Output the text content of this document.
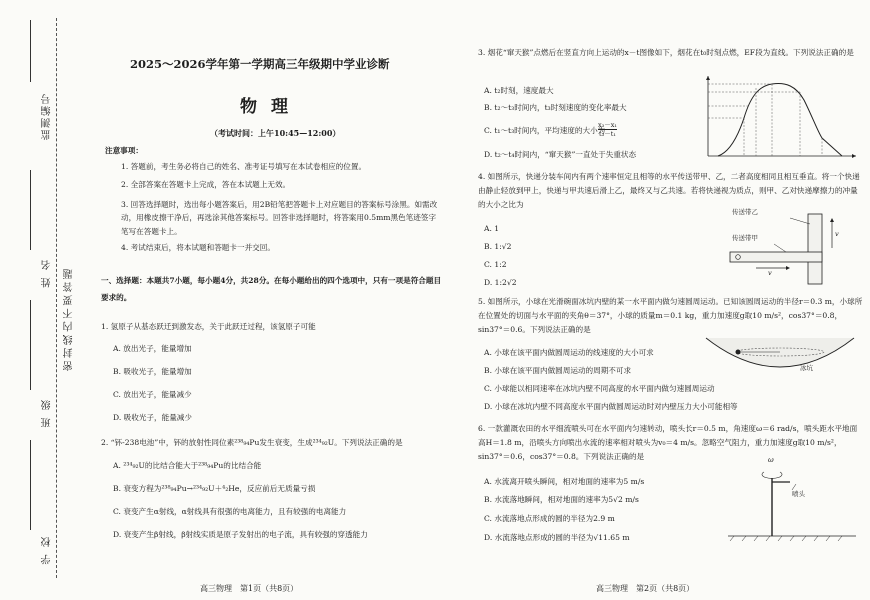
监测编号
姓 名
班 级
学 校
密 封 线 内 不 要 答 题
2025～2026学年第一学期高三年级期中学业诊断
物理
（考试时间：上午10:45—12:00）
注意事项：
1. 答题前，考生务必将自己的姓名、准考证号填写在本试卷相应的位置。
2. 全部答案在答题卡上完成，答在本试题上无效。
3. 回答选择题时，选出每小题答案后，用2B铅笔把答题卡上对应题目的答案标号涂黑。如需改动，用橡皮擦干净后，再选涂其他答案标号。回答非选择题时，将答案用0.5mm黑色笔迹签字笔写在答题卡上。
4. 考试结束后，将本试题和答题卡一并交回。
一、选择题：本题共7小题，每小题4分，共28分。在每小题给出的四个选项中，只有一项是符合题目要求的。
1. 氢原子从基态跃迁到激发态，关于此跃迁过程，该氢原子可能
A. 放出光子，能量增加
B. 吸收光子，能量增加
C. 放出光子，能量减少
D. 吸收光子，能量减少
2. “钚-238电池”中，钚的放射性同位素²³⁸₉₄Pu发生衰变，生成²³⁴₉₂U。下列说法正确的是
A. ²³⁴₉₂U的比结合能大于²³⁸₉₄Pu的比结合能
B. 衰变方程为²³⁸₉₄Pu→²³⁴₉₂U＋⁴₂He，反应前后无质量亏损
C. 衰变产生α射线，α射线具有很强的电离能力，且有较强的电离能力
D. 衰变产生β射线，β射线实质是原子发射出的电子流，具有较强的穿透能力
高三物理　第1页（共8页）
3. 烟花“窜天猴”点燃后在竖直方向上运动的x－t图像如下，烟花在t₀时刻点燃，EF段为直线。下列说法正确的是
A. t₂时刻，速度最大
B. t₂～t₃时间内，t₃时刻速度的变化率最大
C. t₁～t₃时间内，平均速度的大小为
$\frac{\text{x₃－x₁}}{\text{t₃－t₁}}$
D. t₂～t₄时间内，“窜天猴”一直处于失重状态
4. 如图所示，快递分装车间内有两个速率恒定且相等的水平传送带甲、乙，二者高度相同且相互垂直。将一个快递由静止轻放到甲上，快递与甲共速后滑上乙，最终又与乙共速。若将快递视为质点，则甲、乙对快递摩擦力的冲量的大小之比为
A. 1
B. 1:√2
C. 1:2
D. 1:2√2
传送带乙
传送带甲
v
v
5. 如图所示，小球在光滑碗面冰坑内壁的某一水平面内做匀速圆周运动。已知该圆周运动的半径r＝0.3 m，小球所在位置处的切面与水平面的夹角θ＝37°，小球的质量m＝0.1 kg，重力加速度g取10 m/s²，cos37°＝0.8，sin37°＝0.6。下列说法正确的是
A. 小球在该平面内做圆周运动的线速度的大小可求
B. 小球在该平面内做圆周运动的周期不可求
C. 小球能以相同速率在冰坑内壁不同高度的水平面内做匀速圆周运动
D. 小球在冰坑内壁不同高度水平面内做圆周运动时对内壁压力大小可能相等
冰坑
6. 一款灌溉农田的水平细流喷头可在水平面内匀速转动，喷头长r＝0.5 m，角速度ω＝6 rad/s，喷头距水平地面高H＝1.8 m，沿喷头方向喷出水流的速率相对喷头为v₀＝4 m/s。忽略空气阻力，重力加速度g取10 m/s²，sin37°＝0.6，cos37°＝0.8。下列说法正确的是
A. 水流离开喷头瞬间，相对地面的速率为5 m/s
B. 水流落地瞬间，相对地面的速率为5√2 m/s
C. 水流落地点形成的圆的半径为2.9 m
D. 水流落地点形成的圆的半径为√11.65 m
ω
喷头
高三物理　第2页（共8页）
